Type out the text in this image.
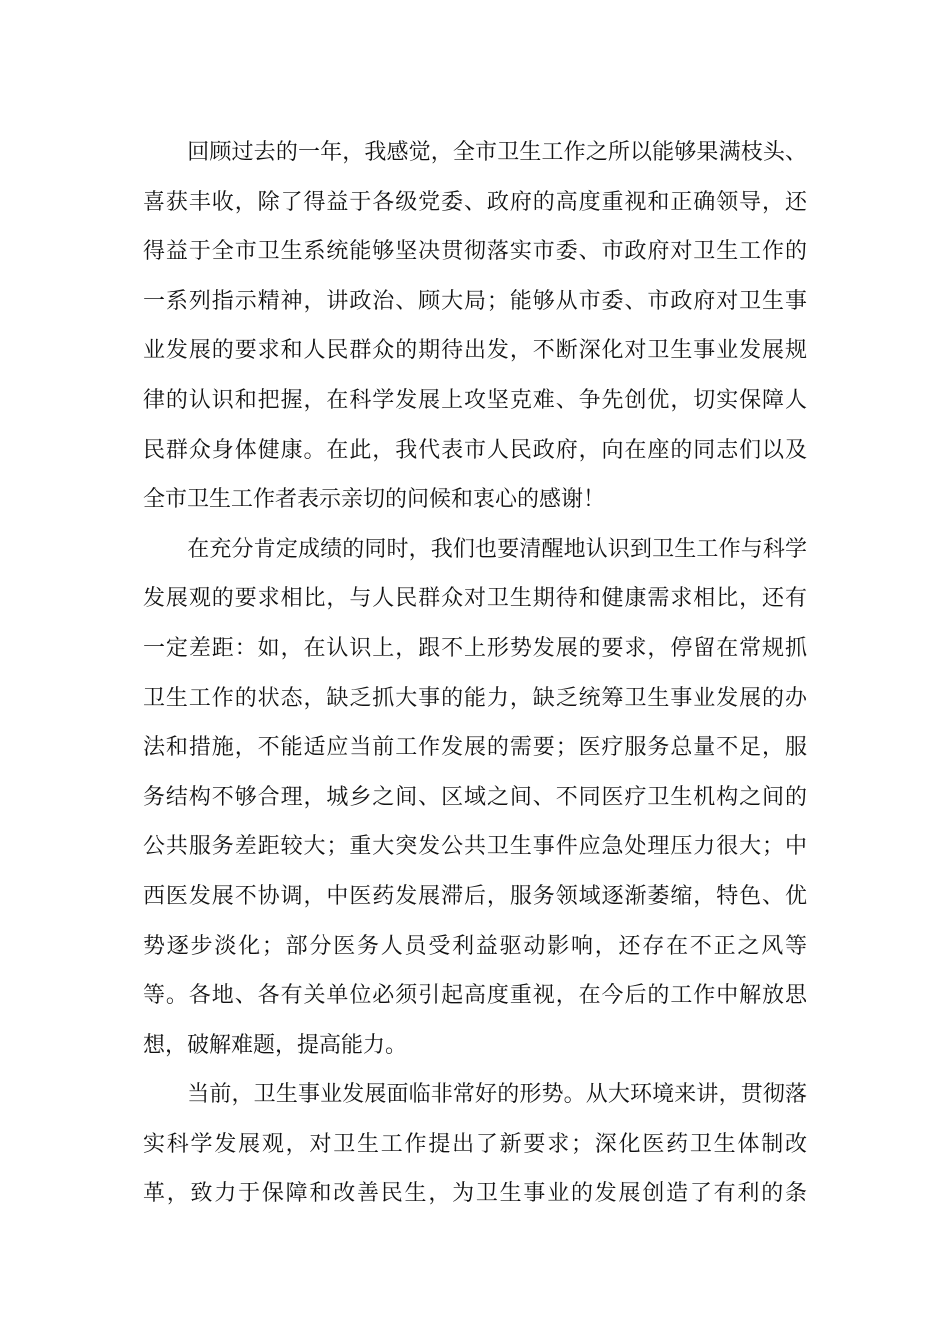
　　回顾过去的一年，我感觉，全市卫生工作之所以能够果满枝头、
喜获丰收，除了得益于各级党委、政府的高度重视和正确领导，还
得益于全市卫生系统能够坚决贯彻落实市委、市政府对卫生工作的
一系列指示精神，讲政治、顾大局；能够从市委、市政府对卫生事
业发展的要求和人民群众的期待出发，不断深化对卫生事业发展规
律的认识和把握，在科学发展上攻坚克难、争先创优，切实保障人
民群众身体健康。在此，我代表市人民政府，向在座的同志们以及
全市卫生工作者表示亲切的问候和衷心的感谢！
　　在充分肯定成绩的同时，我们也要清醒地认识到卫生工作与科学
发展观的要求相比，与人民群众对卫生期待和健康需求相比，还有
一定差距：如，在认识上，跟不上形势发展的要求，停留在常规抓
卫生工作的状态，缺乏抓大事的能力，缺乏统筹卫生事业发展的办
法和措施，不能适应当前工作发展的需要；医疗服务总量不足，服
务结构不够合理，城乡之间、区域之间、不同医疗卫生机构之间的
公共服务差距较大；重大突发公共卫生事件应急处理压力很大；中
西医发展不协调，中医药发展滞后，服务领域逐渐萎缩，特色、优
势逐步淡化；部分医务人员受利益驱动影响，还存在不正之风等
等。各地、各有关单位必须引起高度重视，在今后的工作中解放思
想，破解难题，提高能力。
　　当前，卫生事业发展面临非常好的形势。从大环境来讲，贯彻落
实科学发展观，对卫生工作提出了新要求；深化医药卫生体制改
革，致力于保障和改善民生，为卫生事业的发展创造了有利的条
